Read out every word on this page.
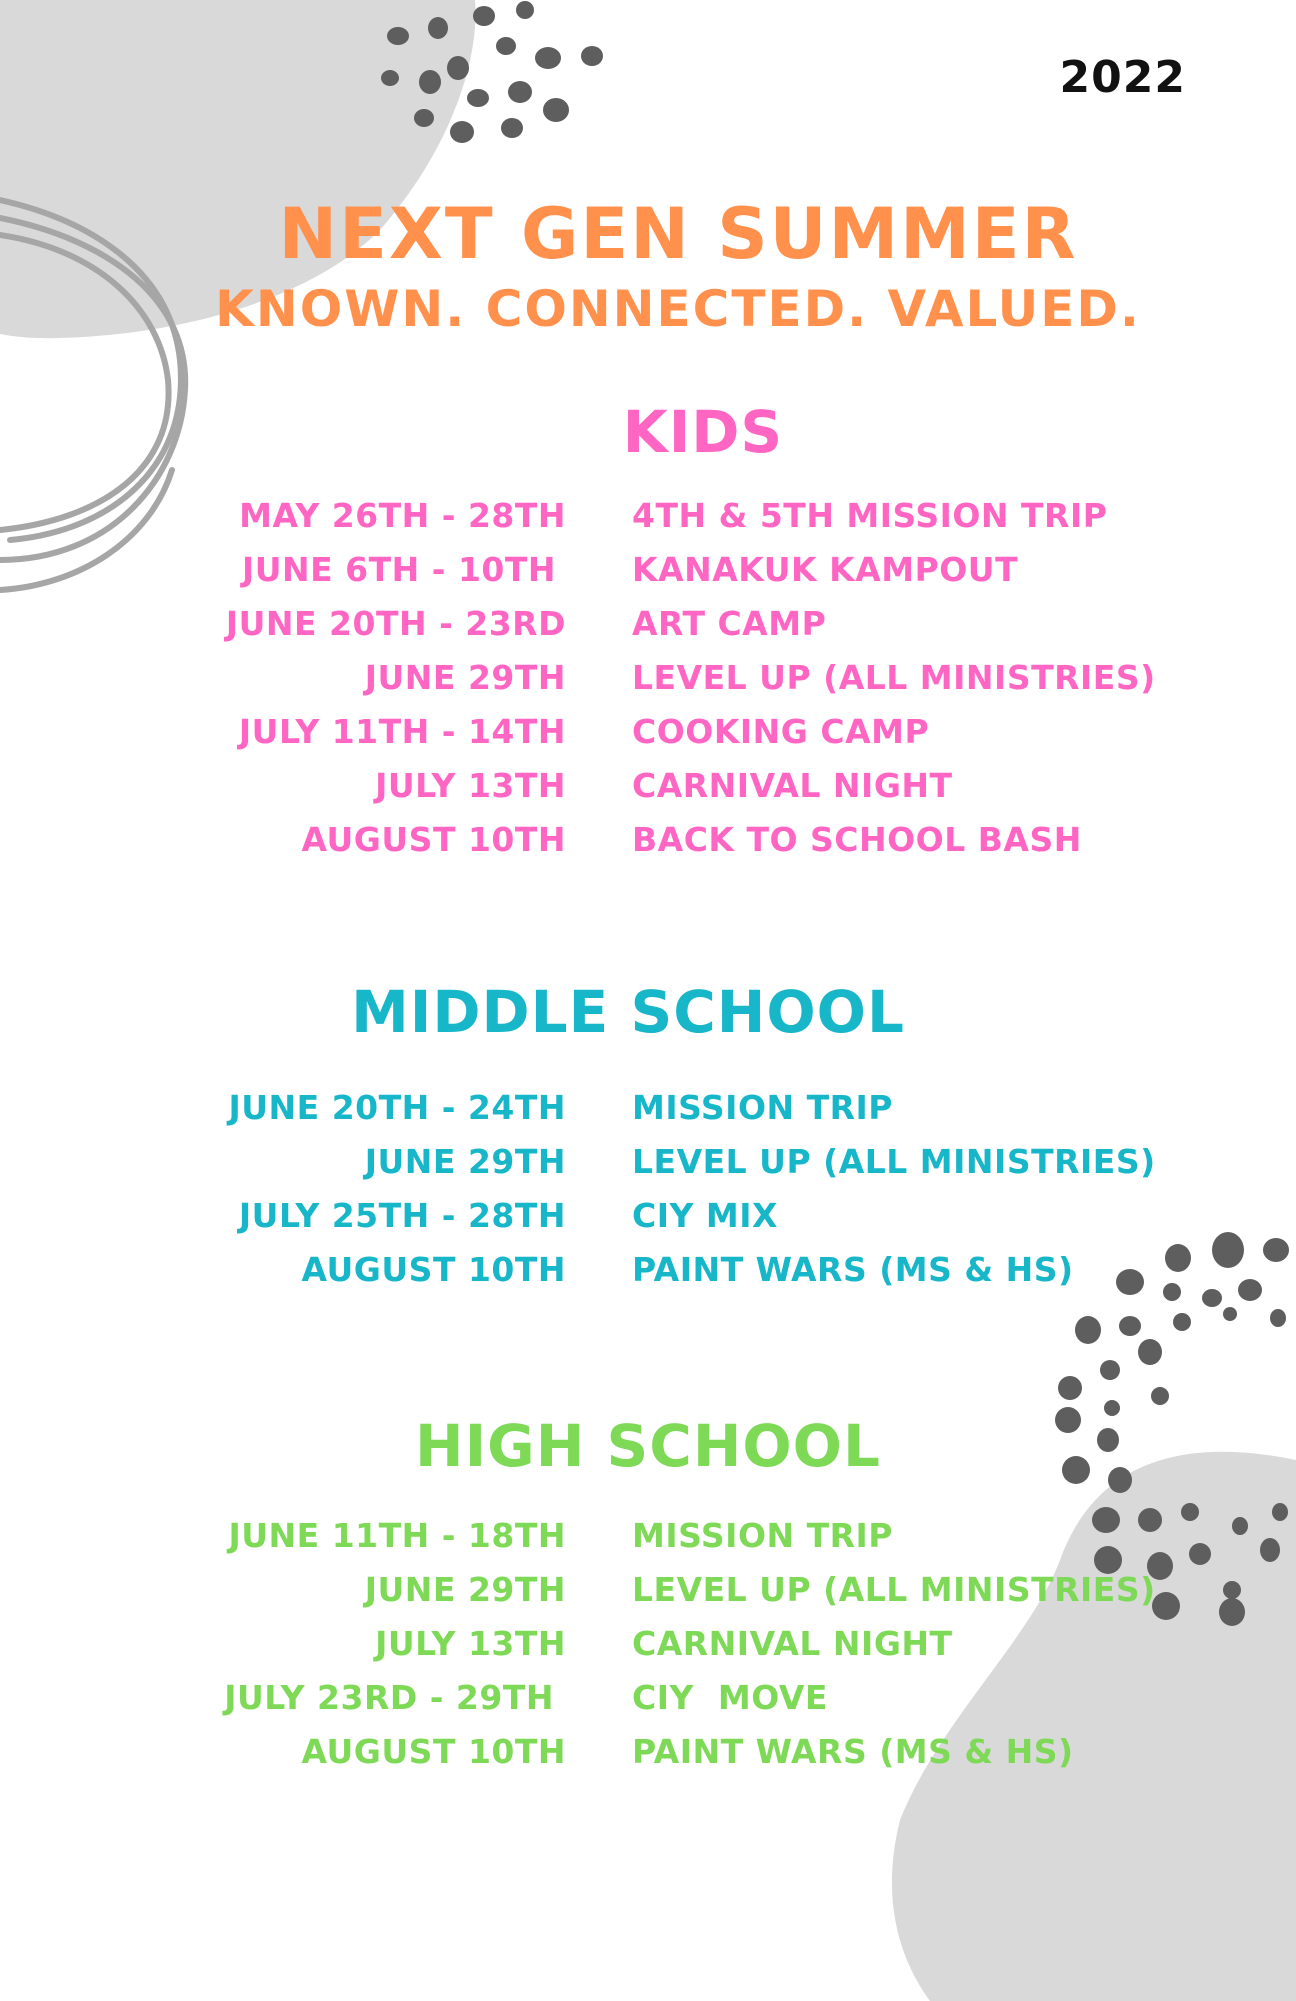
2022
NEXT GEN SUMMER
KNOWN. CONNECTED. VALUED.
KIDS
MAY 26TH - 28TH 4TH & 5TH MISSION TRIP
JUNE 6TH - 10TH KANAKUK KAMPOUT
JUNE 20TH - 23RD ART CAMP
JUNE 29TH LEVEL UP (ALL MINISTRIES)
JULY 11TH - 14TH COOKING CAMP
JULY 13TH CARNIVAL NIGHT
AUGUST 10TH BACK TO SCHOOL BASH
MIDDLE SCHOOL
JUNE 20TH - 24TH MISSION TRIP
JUNE 29TH LEVEL UP (ALL MINISTRIES)
JULY 25TH - 28TH CIY MIX
AUGUST 10TH PAINT WARS (MS & HS)
HIGH SCHOOL
JUNE 11TH - 18TH MISSION TRIP
JUNE 29TH LEVEL UP (ALL MINISTRIES)
JULY 13TH CARNIVAL NIGHT
JULY 23RD - 29TH CIY  MOVE
AUGUST 10TH PAINT WARS (MS & HS)
